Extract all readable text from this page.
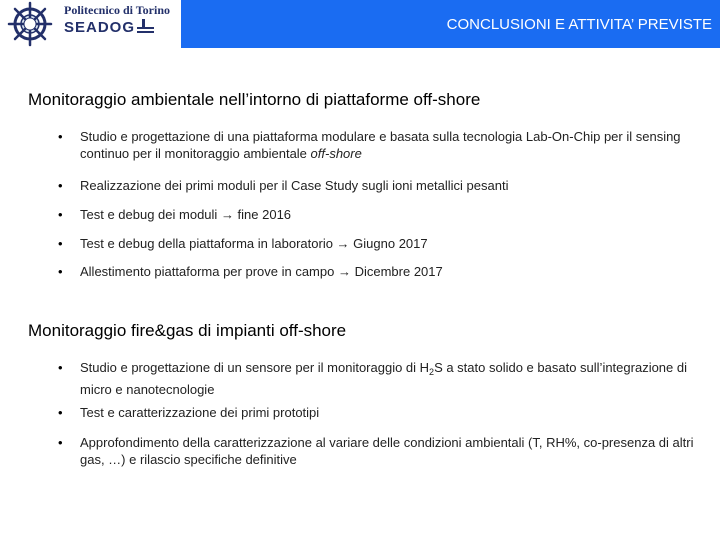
Politecnico di Torino
SEADOG	CONCLUSIONI E ATTIVITA’ PREVISTE
Monitoraggio ambientale nell’intorno di piattaforme off-shore
• Studio e progettazione di una piattaforma modulare e basata sulla tecnologia Lab-On-Chip per il sensing continuo per il monitoraggio ambientale off-shore
• Realizzazione dei primi moduli per il Case Study sugli ioni metallici pesanti
• Test e debug dei moduli → fine 2016
• Test e debug della piattaforma in laboratorio → Giugno 2017
• Allestimento piattaforma per prove in campo → Dicembre 2017
Monitoraggio fire&gas di impianti off-shore
• Studio e progettazione di un sensore per il monitoraggio di $H_2S$ a stato solido e basato sull’integrazione di micro e nanotecnologie
• Test e caratterizzazione dei primi prototipi
• Approfondimento della caratterizzazione al variare delle condizioni ambientali (T, RH%, co-presenza di altri gas, …) e rilascio specifiche definitive
